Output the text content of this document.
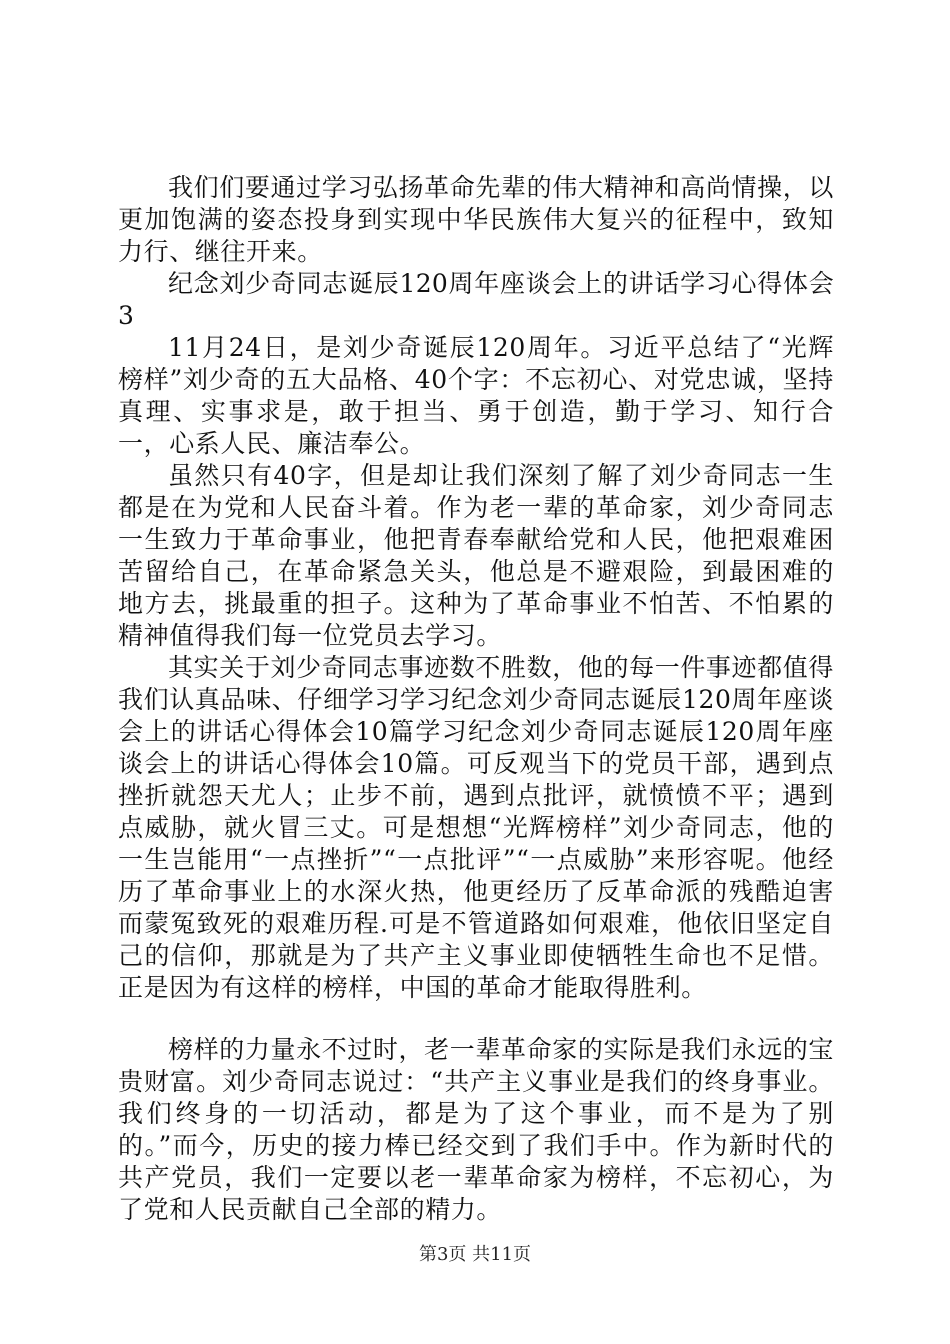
我们们要通过学习弘扬革命先辈的伟大精神和高尚情操，以更加饱满的姿态投身到实现中华民族伟大复兴的征程中，致知力行、继往开来。

纪念刘少奇同志诞辰120周年座谈会上的讲话学习心得体会3

11月24日，是刘少奇诞辰120周年。习近平总结了“光辉榜样”刘少奇的五大品格、40个字：不忘初心、对党忠诚，坚持真理、实事求是，敢于担当、勇于创造，勤于学习、知行合一，心系人民、廉洁奉公。

虽然只有40字，但是却让我们深刻了解了刘少奇同志一生都是在为党和人民奋斗着。作为老一辈的革命家，刘少奇同志一生致力于革命事业，他把青春奉献给党和人民，他把艰难困苦留给自己，在革命紧急关头，他总是不避艰险，到最困难的地方去，挑最重的担子。这种为了革命事业不怕苦、不怕累的精神值得我们每一位党员去学习。

其实关于刘少奇同志事迹数不胜数，他的每一件事迹都值得我们认真品味、仔细学习学习纪念刘少奇同志诞辰120周年座谈会上的讲话心得体会10篇学习纪念刘少奇同志诞辰120周年座谈会上的讲话心得体会10篇。可反观当下的党员干部，遇到点挫折就怨天尤人；止步不前，遇到点批评，就愤愤不平；遇到点威胁，就火冒三丈。可是想想“光辉榜样”刘少奇同志，他的一生岂能用“一点挫折”“一点批评”“一点威胁”来形容呢。他经历了革命事业上的水深火热，他更经历了反革命派的残酷迫害而蒙冤致死的艰难历程.可是不管道路如何艰难，他依旧坚定自己的信仰，那就是为了共产主义事业即使牺牲生命也不足惜。正是因为有这样的榜样，中国的革命才能取得胜利。

榜样的力量永不过时，老一辈革命家的实际是我们永远的宝贵财富。刘少奇同志说过：“共产主义事业是我们的终身事业。我们终身的一切活动，都是为了这个事业，而不是为了别的。”而今，历史的接力棒已经交到了我们手中。作为新时代的共产党员，我们一定要以老一辈革命家为榜样，不忘初心，为了党和人民贡献自己全部的精力。

第3页 共11页
